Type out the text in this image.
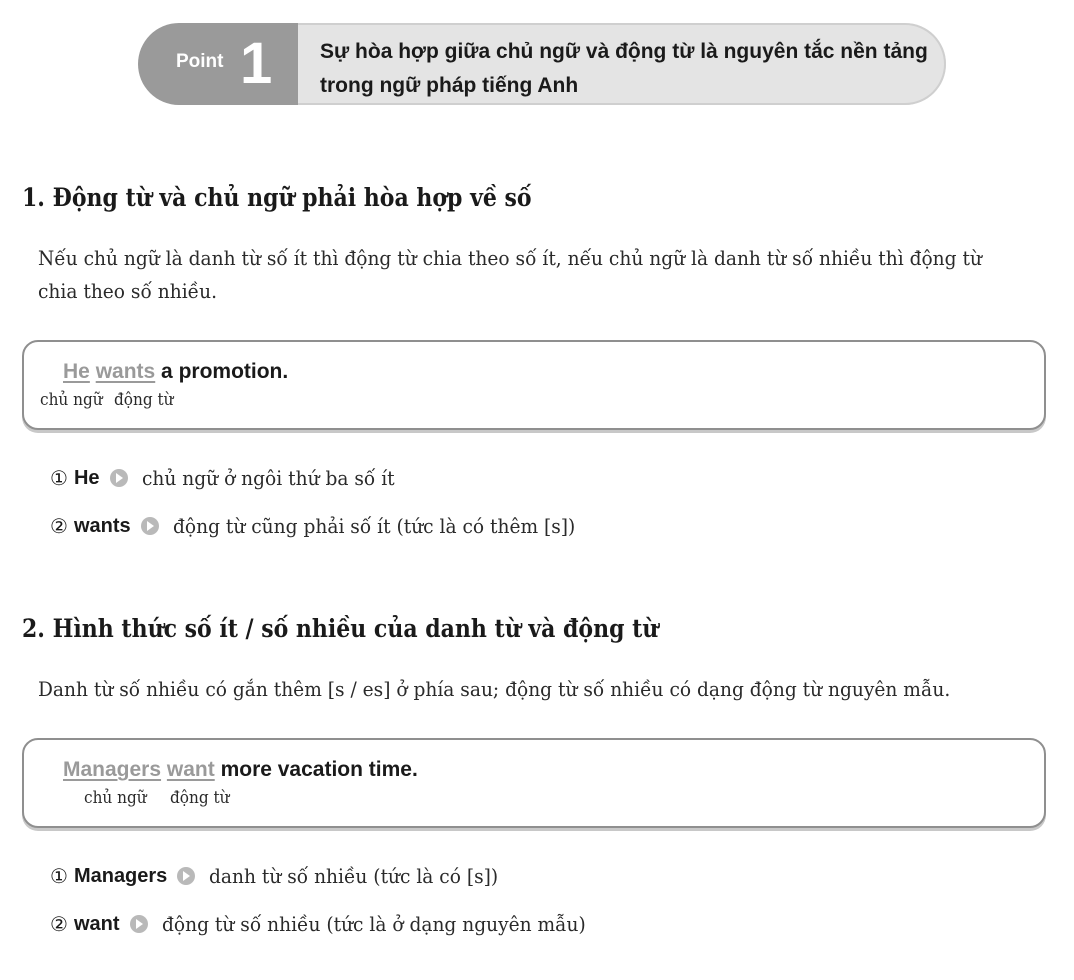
Point 1 Sự hòa hợp giữa chủ ngữ và động từ là nguyên tắc nền tảng
trong ngữ pháp tiếng Anh
1. Động từ và chủ ngữ phải hòa hợp về số
Nếu chủ ngữ là danh từ số ít thì động từ chia theo số ít, nếu chủ ngữ là danh từ số nhiều thì động từ
chia theo số nhiều.
He wants a promotion.
chủ ngữ động từ
① He chủ ngữ ở ngôi thứ ba số ít
② wants động từ cũng phải số ít (tức là có thêm [s])
2. Hình thức số ít / số nhiều của danh từ và động từ
Danh từ số nhiều có gắn thêm [s / es] ở phía sau; động từ số nhiều có dạng động từ nguyên mẫu.
Managers want more vacation time.
chủ ngữ động từ
① Managers danh từ số nhiều (tức là có [s])
② want động từ số nhiều (tức là ở dạng nguyên mẫu)
